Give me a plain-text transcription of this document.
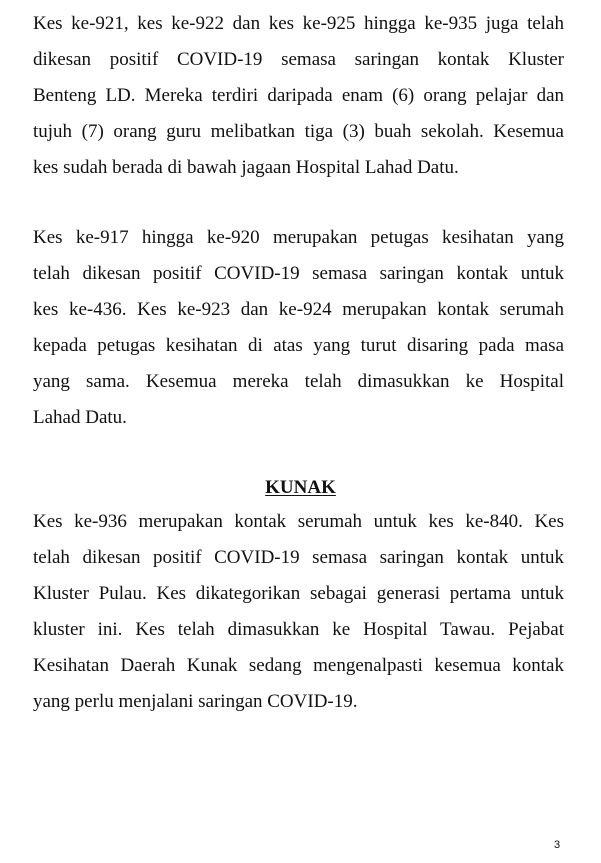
Kes ke-921, kes ke-922 dan kes ke-925 hingga ke-935 juga telah
dikesan positif COVID-19 semasa saringan kontak Kluster
Benteng LD. Mereka terdiri daripada enam (6) orang pelajar dan
tujuh (7) orang guru melibatkan tiga (3) buah sekolah. Kesemua
kes sudah berada di bawah jagaan Hospital Lahad Datu.

Kes ke-917 hingga ke-920 merupakan petugas kesihatan yang
telah dikesan positif COVID-19 semasa saringan kontak untuk
kes ke-436. Kes ke-923 dan ke-924 merupakan kontak serumah
kepada petugas kesihatan di atas yang turut disaring pada masa
yang sama. Kesemua mereka telah dimasukkan ke Hospital
Lahad Datu.

KUNAK

Kes ke-936 merupakan kontak serumah untuk kes ke-840. Kes
telah dikesan positif COVID-19 semasa saringan kontak untuk
Kluster Pulau. Kes dikategorikan sebagai generasi pertama untuk
kluster ini. Kes telah dimasukkan ke Hospital Tawau. Pejabat
Kesihatan Daerah Kunak sedang mengenalpasti kesemua kontak
yang perlu menjalani saringan COVID-19.

3
